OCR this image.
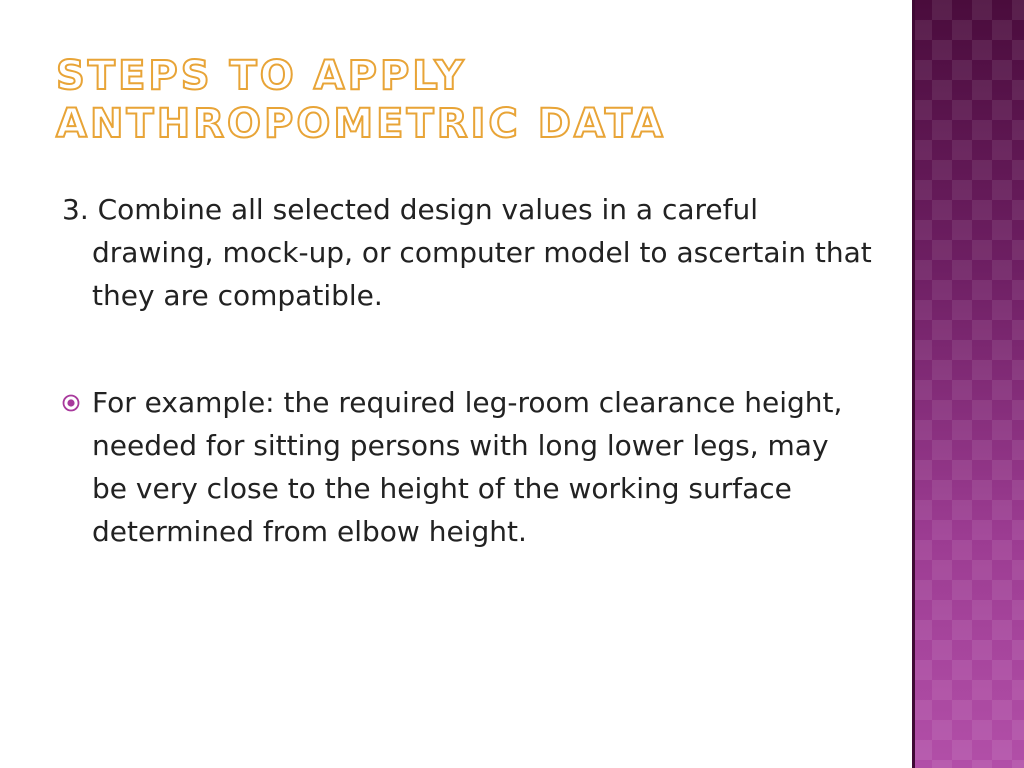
STEPS TO APPLY ANTHROPOMETRIC DATA
3. Combine all selected design values in a careful drawing, mock-up, or computer model to ascertain that they are compatible.
For example: the required leg-room clearance height, needed for sitting persons with long lower legs, may be very close to the height of the working surface determined from elbow height.
